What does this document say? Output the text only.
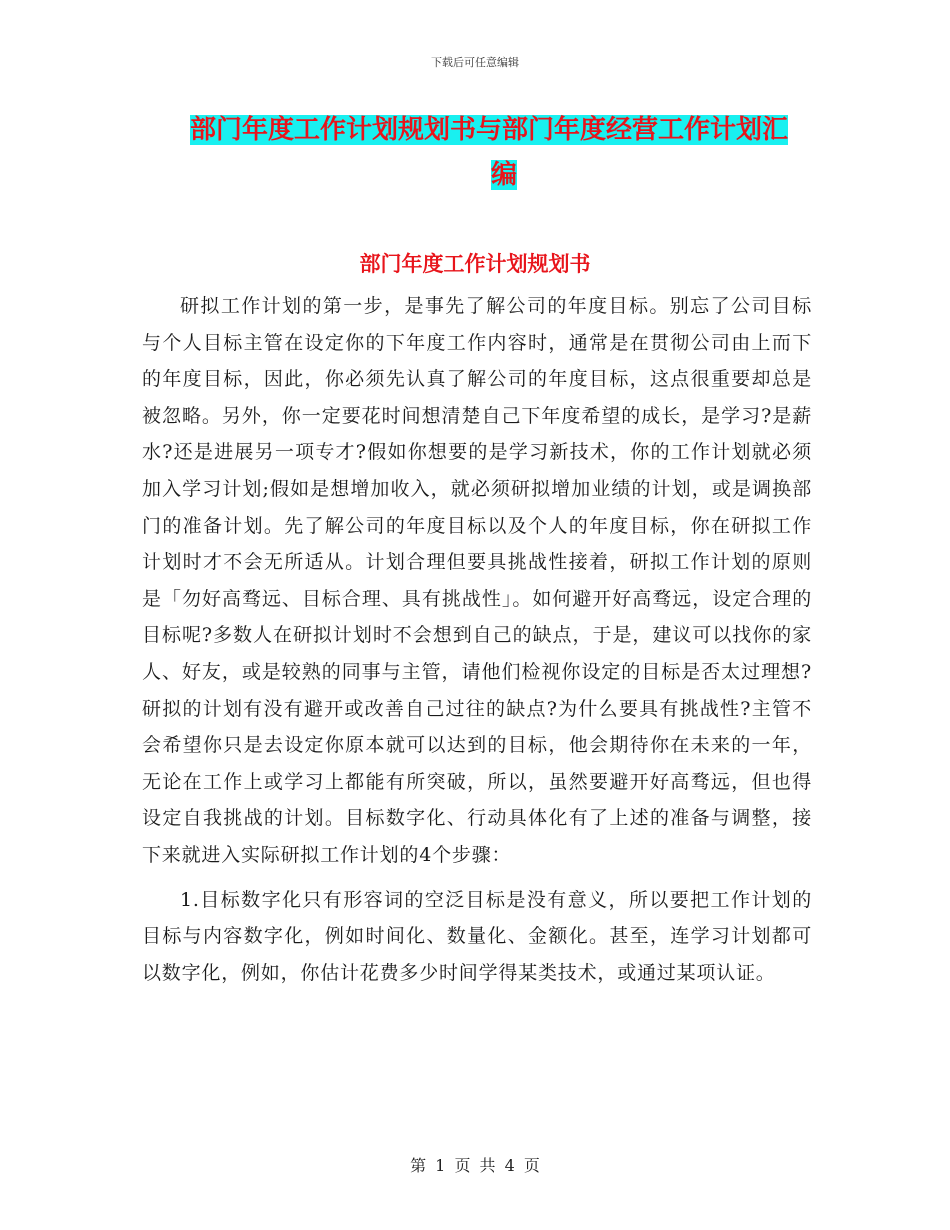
下载后可任意编辑
部门年度工作计划规划书与部门年度经营工作计划汇
编
部门年度工作计划规划书

研拟工作计划的第一步，是事先了解公司的年度目标。别忘了公司目标与个人目标主管在设定你的下年度工作内容时，通常是在贯彻公司由上而下的年度目标，因此，你必须先认真了解公司的年度目标，这点很重要却总是被忽略。另外，你一定要花时间想清楚自己下年度希望的成长，是学习?是薪水?还是进展另一项专才?假如你想要的是学习新技术，你的工作计划就必须加入学习计划;假如是想增加收入，就必须研拟增加业绩的计划，或是调换部门的准备计划。先了解公司的年度目标以及个人的年度目标，你在研拟工作计划时才不会无所适从。计划合理但要具挑战性接着，研拟工作计划的原则是「勿好高骛远、目标合理、具有挑战性」。如何避开好高骛远，设定合理的目标呢?多数人在研拟计划时不会想到自己的缺点，于是，建议可以找你的家人、好友，或是较熟的同事与主管，请他们检视你设定的目标是否太过理想?研拟的计划有没有避开或改善自己过往的缺点?为什么要具有挑战性?主管不会希望你只是去设定你原本就可以达到的目标，他会期待你在未来的一年，无论在工作上或学习上都能有所突破，所以，虽然要避开好高骛远，但也得设定自我挑战的计划。目标数字化、行动具体化有了上述的准备与调整，接下来就进入实际研拟工作计划的4个步骤：

1.目标数字化只有形容词的空泛目标是没有意义，所以要把工作计划的目标与内容数字化，例如时间化、数量化、金额化。甚至，连学习计划都可以数字化，例如，你估计花费多少时间学得某类技术，或通过某项认证。

第 1 页 共 4 页
